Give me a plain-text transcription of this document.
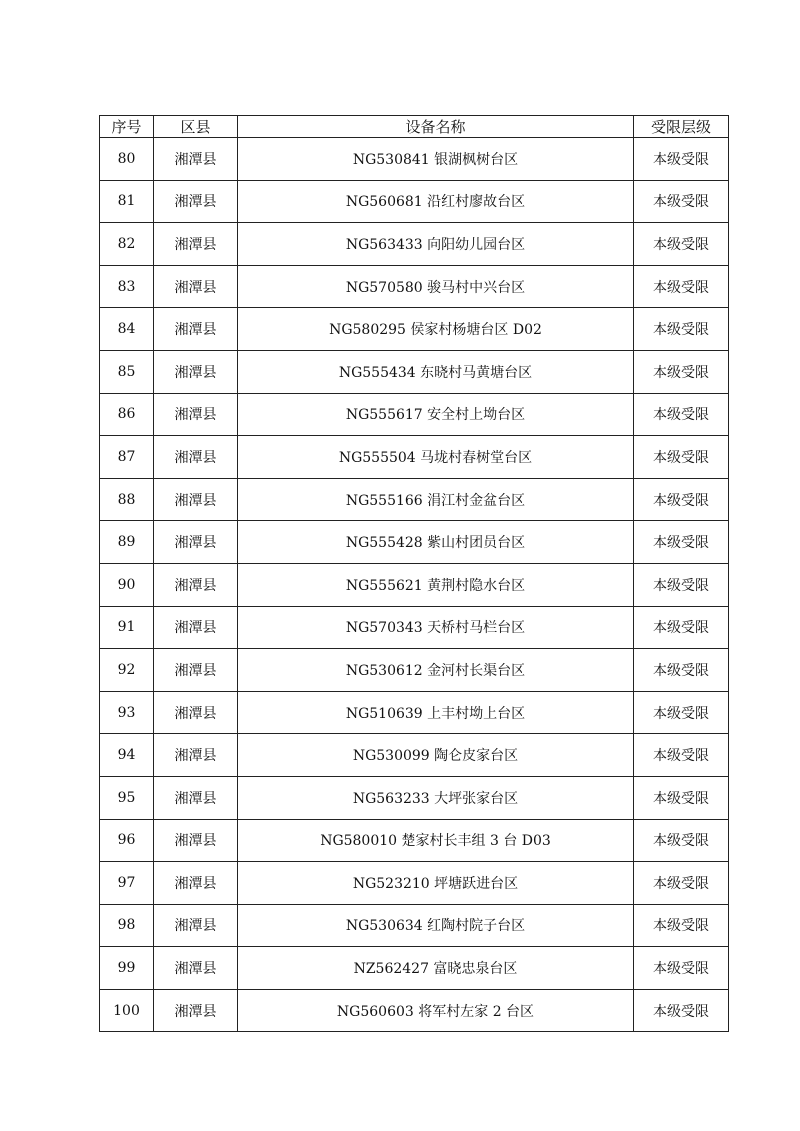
序号	区县	设备名称	受限层级
80	湘潭县	NG530841 银湖枫树台区	本级受限
81	湘潭县	NG560681 沿红村廖故台区	本级受限
82	湘潭县	NG563433 向阳幼儿园台区	本级受限
83	湘潭县	NG570580 骏马村中兴台区	本级受限
84	湘潭县	NG580295 侯家村杨塘台区 D02	本级受限
85	湘潭县	NG555434 东晓村马黄塘台区	本级受限
86	湘潭县	NG555617 安全村上坳台区	本级受限
87	湘潭县	NG555504 马垅村春树堂台区	本级受限
88	湘潭县	NG555166 涓江村金盆台区	本级受限
89	湘潭县	NG555428 紫山村团员台区	本级受限
90	湘潭县	NG555621 黄荆村隐水台区	本级受限
91	湘潭县	NG570343 天桥村马栏台区	本级受限
92	湘潭县	NG530612 金河村长渠台区	本级受限
93	湘潭县	NG510639 上丰村坳上台区	本级受限
94	湘潭县	NG530099 陶仑皮家台区	本级受限
95	湘潭县	NG563233 大坪张家台区	本级受限
96	湘潭县	NG580010 楚家村长丰组 3 台 D03	本级受限
97	湘潭县	NG523210 坪塘跃进台区	本级受限
98	湘潭县	NG530634 红陶村院子台区	本级受限
99	湘潭县	NZ562427 富晓忠泉台区	本级受限
100	湘潭县	NG560603 将军村左家 2 台区	本级受限
